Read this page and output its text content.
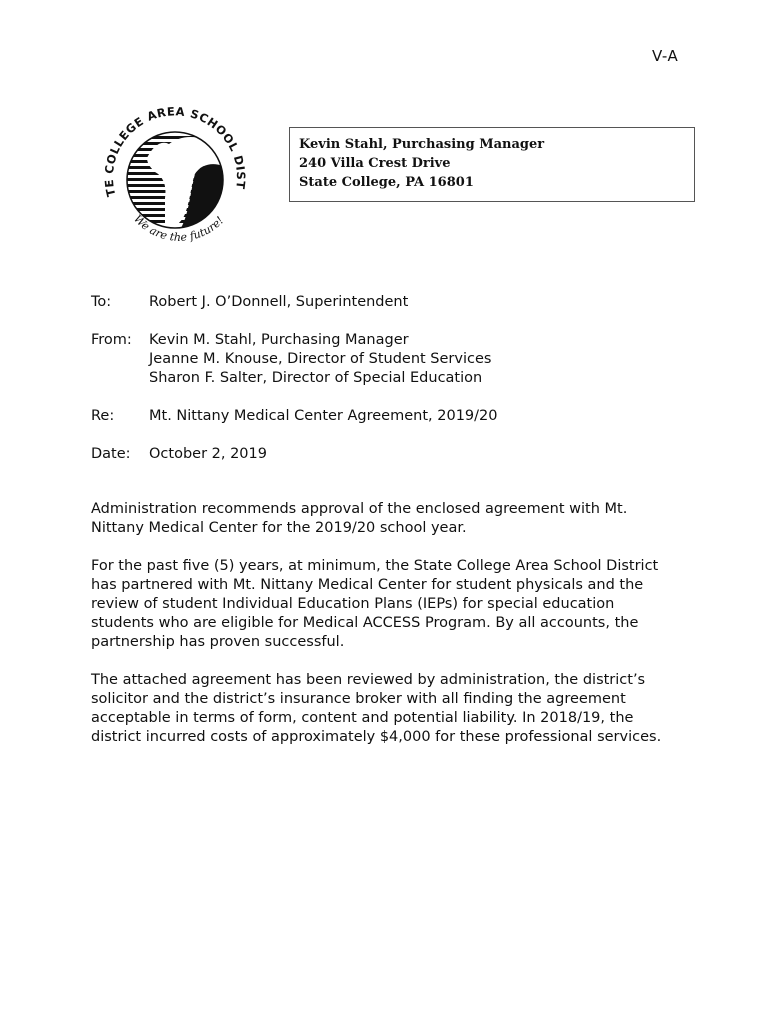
V-A
TE COLLEGE AREA SCHOOL DIST
We are the future!
Kevin Stahl, Purchasing Manager
240 Villa Crest Drive
State College, PA 16801
To:	Robert J. O’Donnell, Superintendent
From: Kevin M. Stahl, Purchasing Manager
Jeanne M. Knouse, Director of Student Services
Sharon F. Salter, Director of Special Education
Re: Mt. Nittany Medical Center Agreement, 2019/20
Date: October 2, 2019

Administration recommends approval of the enclosed agreement with Mt. Nittany Medical Center for the 2019/20 school year.

For the past five (5) years, at minimum, the State College Area School District has partnered with Mt. Nittany Medical Center for student physicals and the review of student Individual Education Plans (IEPs) for special education students who are eligible for Medical ACCESS Program. By all accounts, the partnership has proven successful.

The attached agreement has been reviewed by administration, the district’s solicitor and the district’s insurance broker with all finding the agreement acceptable in terms of form, content and potential liability. In 2018/19, the district incurred costs of approximately $4,000 for these professional services.
